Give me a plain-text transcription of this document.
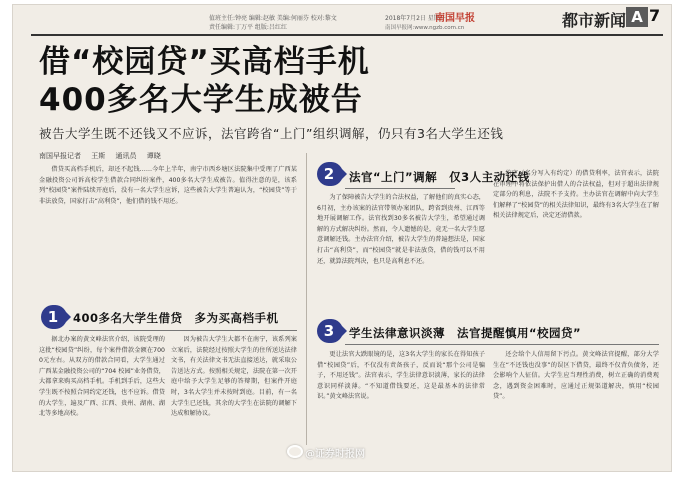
值班主任:钟亮 编辑:赵敏 美编:何丽芬 校对:黎文	2018年7月2日 星期一
南国早报
南国早报网:www.ngzb.com.cn
责任编辑:丁万平 组版:吕红红	都市新闻 A 7
借“校园贷”买高档手机
400多名大学生成被告
被告大学生既不还钱又不应诉，法官跨省“上门”组织调解，仍只有3名大学生还钱
南国早报记者 王斯 通讯员 谭晓

借贷买高档手机后，却还不起钱……今年上半年，南宁市西乡塘区法院集中受理了广西某金融投资公司诉高校学生借款合同纠纷案件，400多名大学生成被告。值得注意的是，该系列“校园贷”案件陆续开庭后，没有一名大学生应诉，这些被告大学生普遍认为，“校园贷”等于非法放贷，国家打击“高利贷”，他们借的钱不用还。

1	400多名大学生借贷　多为买高档手机

据北办案的黄文峰法官介绍，该院受理的这批“校园贷”纠纷，每个案件借款金额在7000元左右。从双方的借款合同看，大学生通过广西某金融投资公司的“704 校园”业务借贷，大都拿来购买高档手机。手机到手后，这些大学生既不按照合同约定还钱，也不应诉。借贷的大学生，遍及广西、江西、贵州、湖南、湖北等多地高校。

因为被告大学生大都不在南宁，该系列案立案后，法院经过按照大学生的住所送达法律文书，有关法律文书无法直接送达，就采取公告送达方式。按照相关规定，法院在第一次开庭中给予大学生足够的答辩期，但案件开庭时，3名大学生并未按时到庭。目前，有一名大学生已还钱，其余的大学生在法院的调解下达成和解协议。

2	法官“上门”调解　仅3人主动还钱

为了保障被告大学生的合法权益，了解他们的真实心态，6月初，主办该案的法官带领办案团队，跨省到贵州、江西等地开展调解工作。法官找到30多名被告大学生，希望通过调解的方式解决纠纷。然而，令人遗憾的是，竟无一名大学生愿意调解还钱。主办法官介绍，被告大学生的普遍想法是，国家打击“高利贷”，而“校园贷”就是非法放贷，借的钱可以不用还，就算法院判决，也只是高利息不还。

约定（名分写入有约定）的借贷利率，法官表示，法院在审理中将依法保护出借人的合法权益，但对于超出法律规定部分的利息，法院不予支持。主办法官在调解中向大学生们解释了“校园贷”的相关法律知识，最终有3名大学生在了解相关法律规定后，决定还清借款。

3	学生法律意识淡薄　法官提醒慎用“校园贷”

更让法官大跌眼镜的是，这3名大学生的家长在得知孩子借“校园贷”后，不仅没有责备孩子，反而说“那个公司是骗子，不用还钱”。法官表示，学生法律意识淡薄，家长的法律意识同样淡薄。“不知道借钱要还，这是最基本的法律常识。”黄文峰法官说。

还会给个人信用留下污点。黄文峰法官提醒，部分大学生在“不还钱也没事”的误区下借贷，最终不仅背负债务，还会影响个人征信。大学生应当理性消费，树立正确的消费观念，遇到资金困难时，应通过正规渠道解决，慎用“校园贷”。

@证券时报网
